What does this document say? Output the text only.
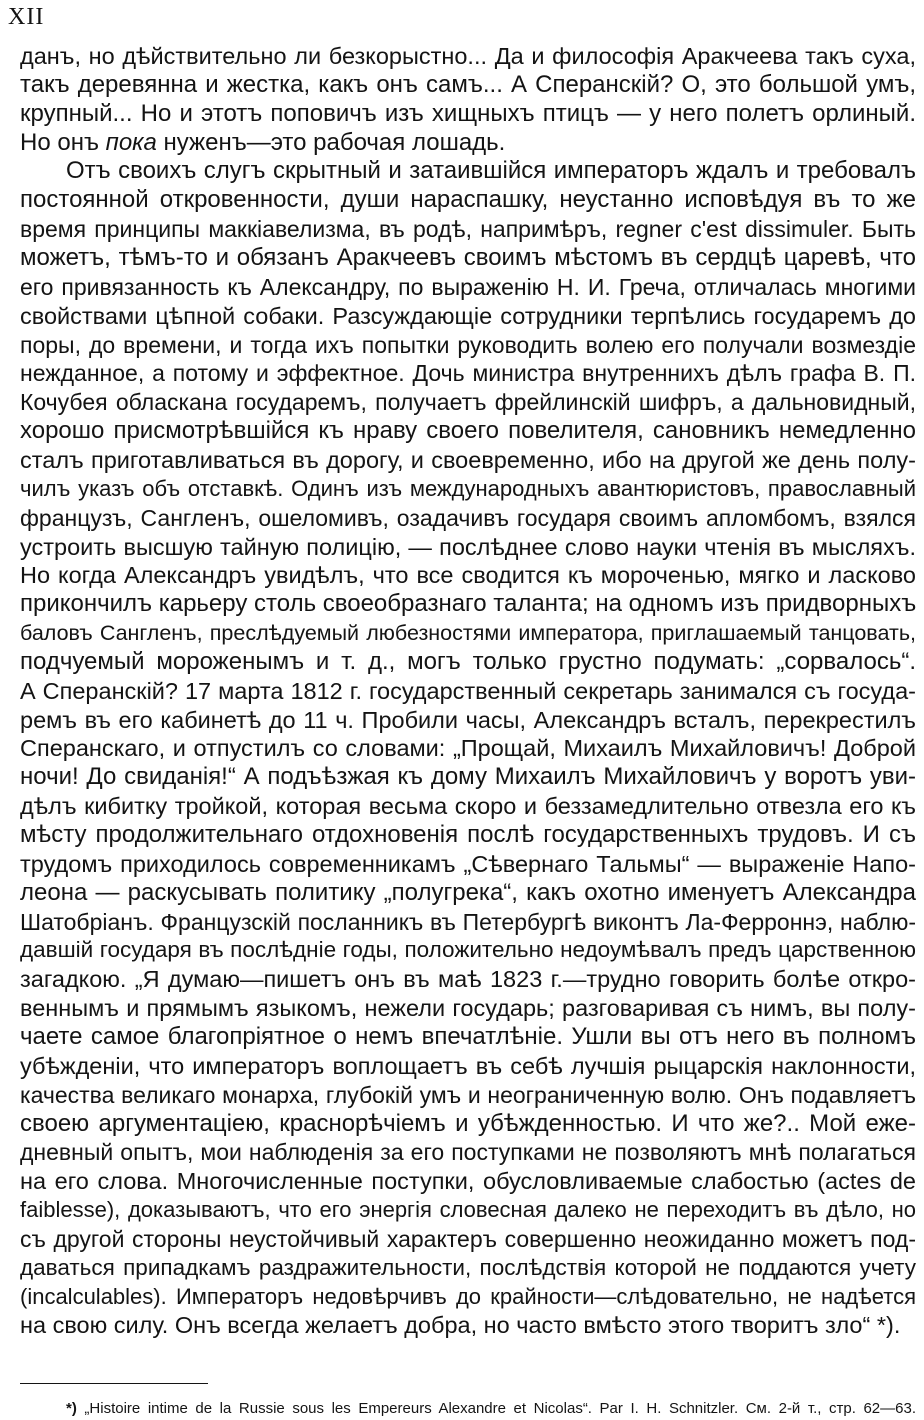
XII
данъ, но дѣйствительно ли безкорыстно... Да и философія Аракчеева такъ суха,
такъ деревянна и жестка, какъ онъ самъ... А Сперанскій? О, это большой умъ,
крупный... Но и этотъ поповичъ изъ хищныхъ птицъ — у него полетъ орлиный.
Но онъ пока нуженъ—это рабочая лошадь.
Отъ своихъ слугъ скрытный и затаившійся императоръ ждалъ и требовалъ
постоянной откровенности, души нараспашку, неустанно исповѣдуя въ то же
время принципы маккіавелизма, въ родѣ, напримѣръ, regner c'est dissimuler. Быть
можетъ, тѣмъ-то и обязанъ Аракчеевъ своимъ мѣстомъ въ сердцѣ царевѣ, что
его привязанность къ Александру, по выраженію Н. И. Греча, отличалась многими
свойствами цѣпной собаки. Разсуждающіе сотрудники терпѣлись государемъ до
поры, до времени, и тогда ихъ попытки руководить волею его получали возмездіе
нежданное, а потому и эффектное. Дочь министра внутреннихъ дѣлъ графа В. П.
Кочубея обласкана государемъ, получаетъ фрейлинскій шифръ, а дальновидный,
хорошо присмотрѣвшійся къ нраву своего повелителя, сановникъ немедленно
сталъ приготавливаться въ дорогу, и своевременно, ибо на другой же день полу-
чилъ указъ объ отставкѣ. Одинъ изъ международныхъ авантюристовъ, православный
французъ, Сангленъ, ошеломивъ, озадачивъ государя своимъ апломбомъ, взялся
устроить высшую тайную полицію, — послѣднее слово науки чтенія въ мысляхъ.
Но когда Александръ увидѣлъ, что все сводится къ мороченью, мягко и ласково
прикончилъ карьеру столь своеобразнаго таланта; на одномъ изъ придворныхъ
баловъ Сангленъ, преслѣдуемый любезностями императора, приглашаемый танцовать,
подчуемый мороженымъ и т. д., могъ только грустно подумать: „сорвалось“.
А Сперанскій? 17 марта 1812 г. государственный секретарь занимался съ госуда-
ремъ въ его кабинетѣ до 11 ч. Пробили часы, Александръ всталъ, перекрестилъ
Сперанскаго, и отпустилъ со словами: „Прощай, Михаилъ Михайловичъ! Доброй
ночи! До свиданія!“ А подъѣзжая къ дому Михаилъ Михайловичъ у воротъ уви-
дѣлъ кибитку тройкой, которая весьма скоро и беззамедлительно отвезла его къ
мѣсту продолжительнаго отдохновенія послѣ государственныхъ трудовъ. И съ
трудомъ приходилось современникамъ „Сѣвернаго Тальмы“ — выраженіе Напо-
леона — раскусывать политику „полугрека“, какъ охотно именуетъ Александра
Шатобріанъ. Французскій посланникъ въ Петербургѣ виконтъ Ла-Ферроннэ, наблю-
давшій государя въ послѣдніе годы, положительно недоумѣвалъ предъ царственною
загадкою. „Я думаю—пишетъ онъ въ маѣ 1823 г.—трудно говорить болѣе откро-
веннымъ и прямымъ языкомъ, нежели государь; разговаривая съ нимъ, вы полу-
чаете самое благопріятное о немъ впечатлѣніе. Ушли вы отъ него въ полномъ
убѣжденіи, что императоръ воплощаетъ въ себѣ лучшія рыцарскія наклонности,
качества великаго монарха, глубокій умъ и неограниченную волю. Онъ подавляетъ
своею аргументаціею, краснорѣчіемъ и убѣжденностью. И что же?.. Мой еже-
дневный опытъ, мои наблюденія за его поступками не позволяютъ мнѣ полагаться
на его слова. Многочисленные поступки, обусловливаемые слабостью (actes de
faiblesse), доказываютъ, что его энергія словесная далеко не переходитъ въ дѣло, но
съ другой стороны неустойчивый характеръ совершенно неожиданно можетъ под-
даваться припадкамъ раздражительности, послѣдствія которой не поддаются учету
(incalculables). Императоръ недовѣрчивъ до крайности—слѣдовательно, не надѣется
на свою силу. Онъ всегда желаетъ добра, но часто вмѣсто этого творитъ зло“ *).
*) „Histoire intime de la Russie sous les Empereurs Alexandre et Nicolas“. Par I. H. Schnitzler. См. 2-й т., стр. 62—63.
